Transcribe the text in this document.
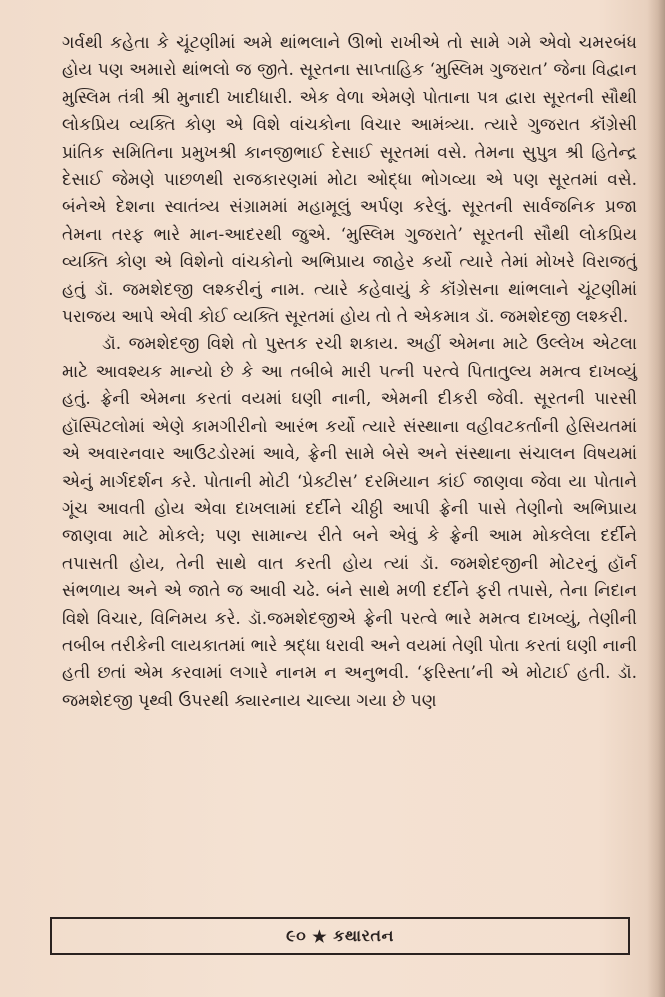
ગર્વથી કહેતા કે ચૂંટણીમાં અમે થાંભલાને ઊભો રાખીએ તો સામે ગમે એવો ચમરબંધ હોય પણ અમારો થાંભલો જ જીતે. સૂરતના સાપ્તાહિક ‘મુસ્લિમ ગુજરાત’ જેના વિદ્વાન મુસ્લિમ તંત્રી શ્રી મુનાદી ખાદીધારી. એક વેળા એમણે પોતાના પત્ર દ્વારા સૂરતની સૌથી લોકપ્રિય વ્યક્તિ કોણ એ વિશે વાંચકોના વિચાર આમંત્ર્યા. ત્યારે ગુજરાત કૉંગ્રેસી પ્રાંતિક સમિતિના પ્રમુખશ્રી કાનજીભાઈ દેસાઈ સૂરતમાં વસે. તેમના સુપુત્ર શ્રી હિતેન્દ્ર દેસાઈ જેમણે પાછળથી રાજકારણમાં મોટા ઓદ્ધા ભોગવ્યા એ પણ સૂરતમાં વસે. બંનેએ દેશના સ્વાતંત્ર્ય સંગ્રામમાં મહામૂલું અર્પણ કરેલું. સૂરતની સાર્વજનિક પ્રજા તેમના તરફ ભારે માન-આદરથી જુએ. ‘મુસ્લિમ ગુજરાતે’ સૂરતની સૌથી લોકપ્રિય વ્યક્તિ કોણ એ વિશેનો વાંચકોનો અભિપ્રાય જાહેર કર્યો ત્યારે તેમાં મોખરે વિરાજતું હતું ડૉ. જમશેદજી લશ્કરીનું નામ. ત્યારે કહેવાયું કે કૉંગ્રેસના થાંભલાને ચૂંટણીમાં પરાજય આપે એવી કોઈ વ્યક્તિ સૂરતમાં હોય તો તે એકમાત્ર ડૉ. જમશેદજી લશ્કરી.

ડૉ. જમશેદજી વિશે તો પુસ્તક રચી શકાય. અહીં એમના માટે ઉલ્લેખ એટલા માટે આવશ્યક માન્યો છે કે આ તબીબે મારી પત્ની પરત્વે પિતાતુલ્ય મમત્વ દાખવ્યું હતું. ફ્રેની એમના કરતાં વયમાં ઘણી નાની, એમની દીકરી જેવી. સૂરતની પારસી હૉસ્પિટલોમાં એણે કામગીરીનો આરંભ કર્યો ત્યારે સંસ્થાના વહીવટકર્તાની હેસિયતમાં એ અવારનવાર આઉટડોરમાં આવે, ફ્રેની સામે બેસે અને સંસ્થાના સંચાલન વિષયમાં એનું માર્ગદર્શન કરે. પોતાની મોટી ‘પ્રેક્ટીસ’ દરમિયાન કાંઈ જાણવા જેવા યા પોતાને ગૂંચ આવતી હોય એવા દાખલામાં દર્દીને ચીઠ્ઠી આપી ફ્રેની પાસે તેણીનો અભિપ્રાય જાણવા માટે મોકલે; પણ સામાન્ય રીતે બને એવું કે ફ્રેની આમ મોકલેલા દર્દીને તપાસતી હોય, તેની સાથે વાત કરતી હોય ત્યાં ડૉ. જમશેદજીની મોટરનું હૉર્ન સંભળાય અને એ જાતે જ આવી ચઢે. બંને સાથે મળી દર્દીને ફરી તપાસે, તેના નિદાન વિશે વિચાર, વિનિમય કરે. ડૉ.જમશેદજીએ ફ્રેની પરત્વે ભારે મમત્વ દાખવ્યું, તેણીની તબીબ તરીકેની લાયકાતમાં ભારે શ્રદ્ધા ધરાવી અને વયમાં તેણી પોતા કરતાં ઘણી નાની હતી છતાં એમ કરવામાં લગારે નાનમ ન અનુભવી. ‘ફરિસ્તા’ની એ મોટાઈ હતી. ડૉ. જમશેદજી પૃથ્વી ઉપરથી ક્યારનાય ચાલ્યા ગયા છે પણ

૯૦ ★ કથારતન
